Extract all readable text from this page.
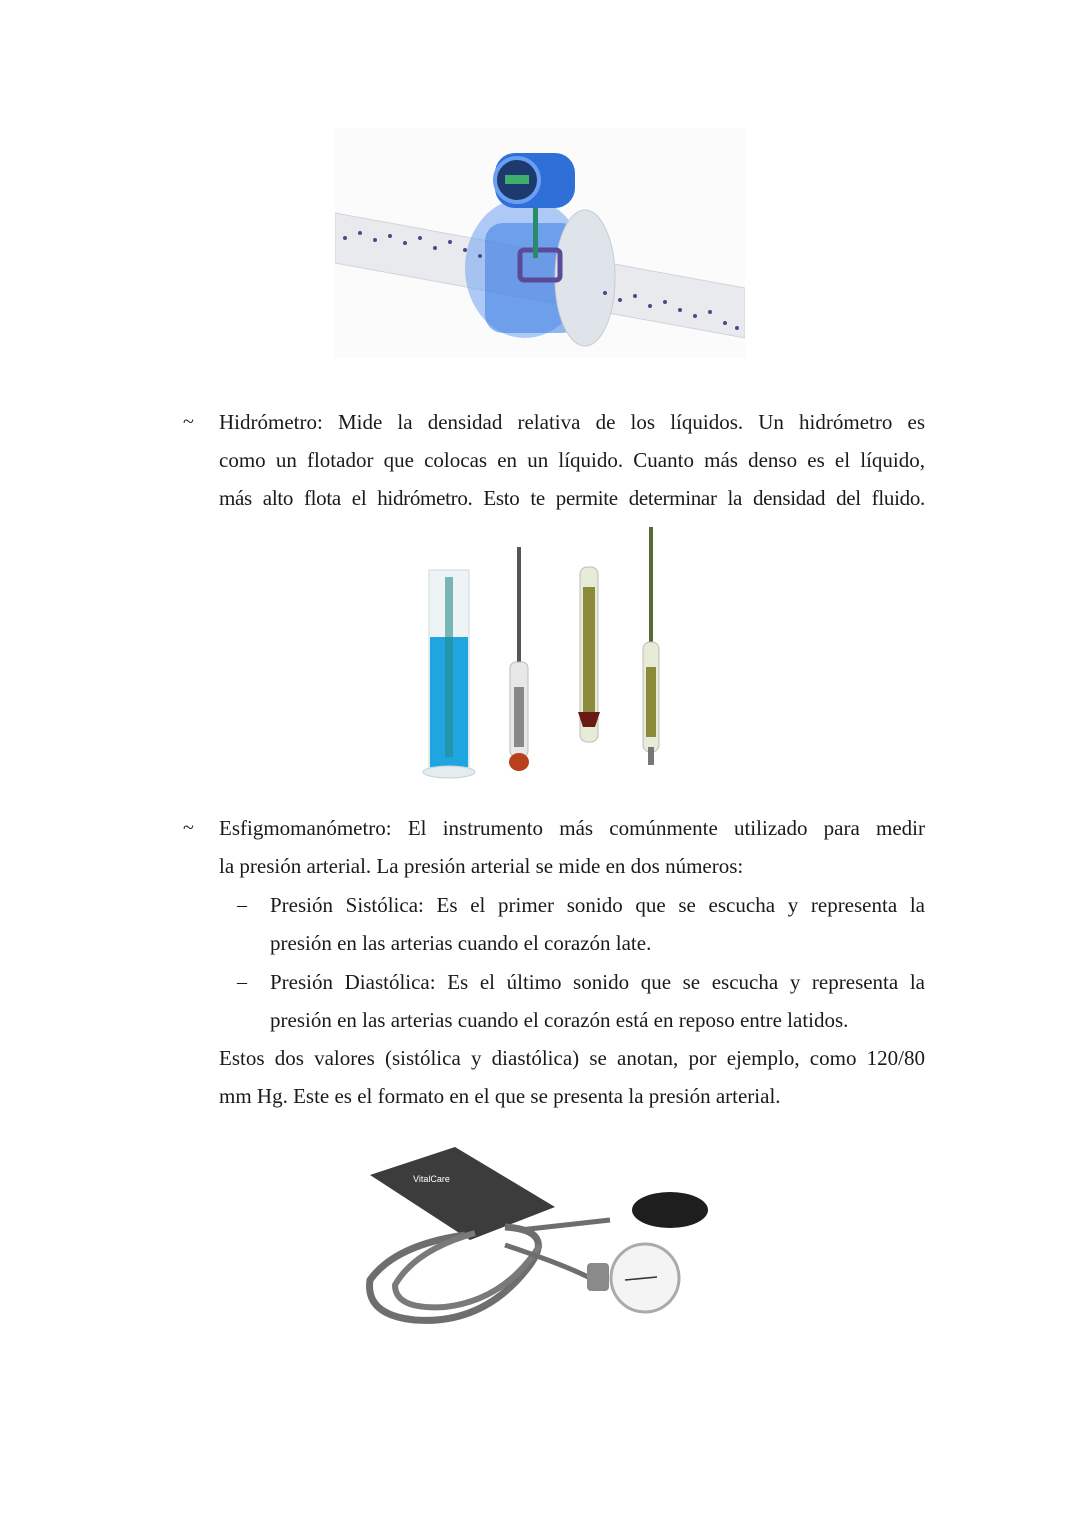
~ Hidrómetro: Mide la densidad relativa de los líquidos. Un hidrómetro es
como un flotador que colocas en un líquido. Cuanto más denso es el líquido,
más alto flota el hidrómetro. Esto te permite determinar la densidad del fluido.
~ Esfigmomanómetro: El instrumento más comúnmente utilizado para medir
la presión arterial. La presión arterial se mide en dos números:
– Presión Sistólica: Es el primer sonido que se escucha y representa la
presión en las arterias cuando el corazón late.
– Presión Diastólica: Es el último sonido que se escucha y representa la
presión en las arterias cuando el corazón está en reposo entre latidos.
Estos dos valores (sistólica y diastólica) se anotan, por ejemplo, como 120/80
mm Hg. Este es el formato en el que se presenta la presión arterial.
VitalCare
